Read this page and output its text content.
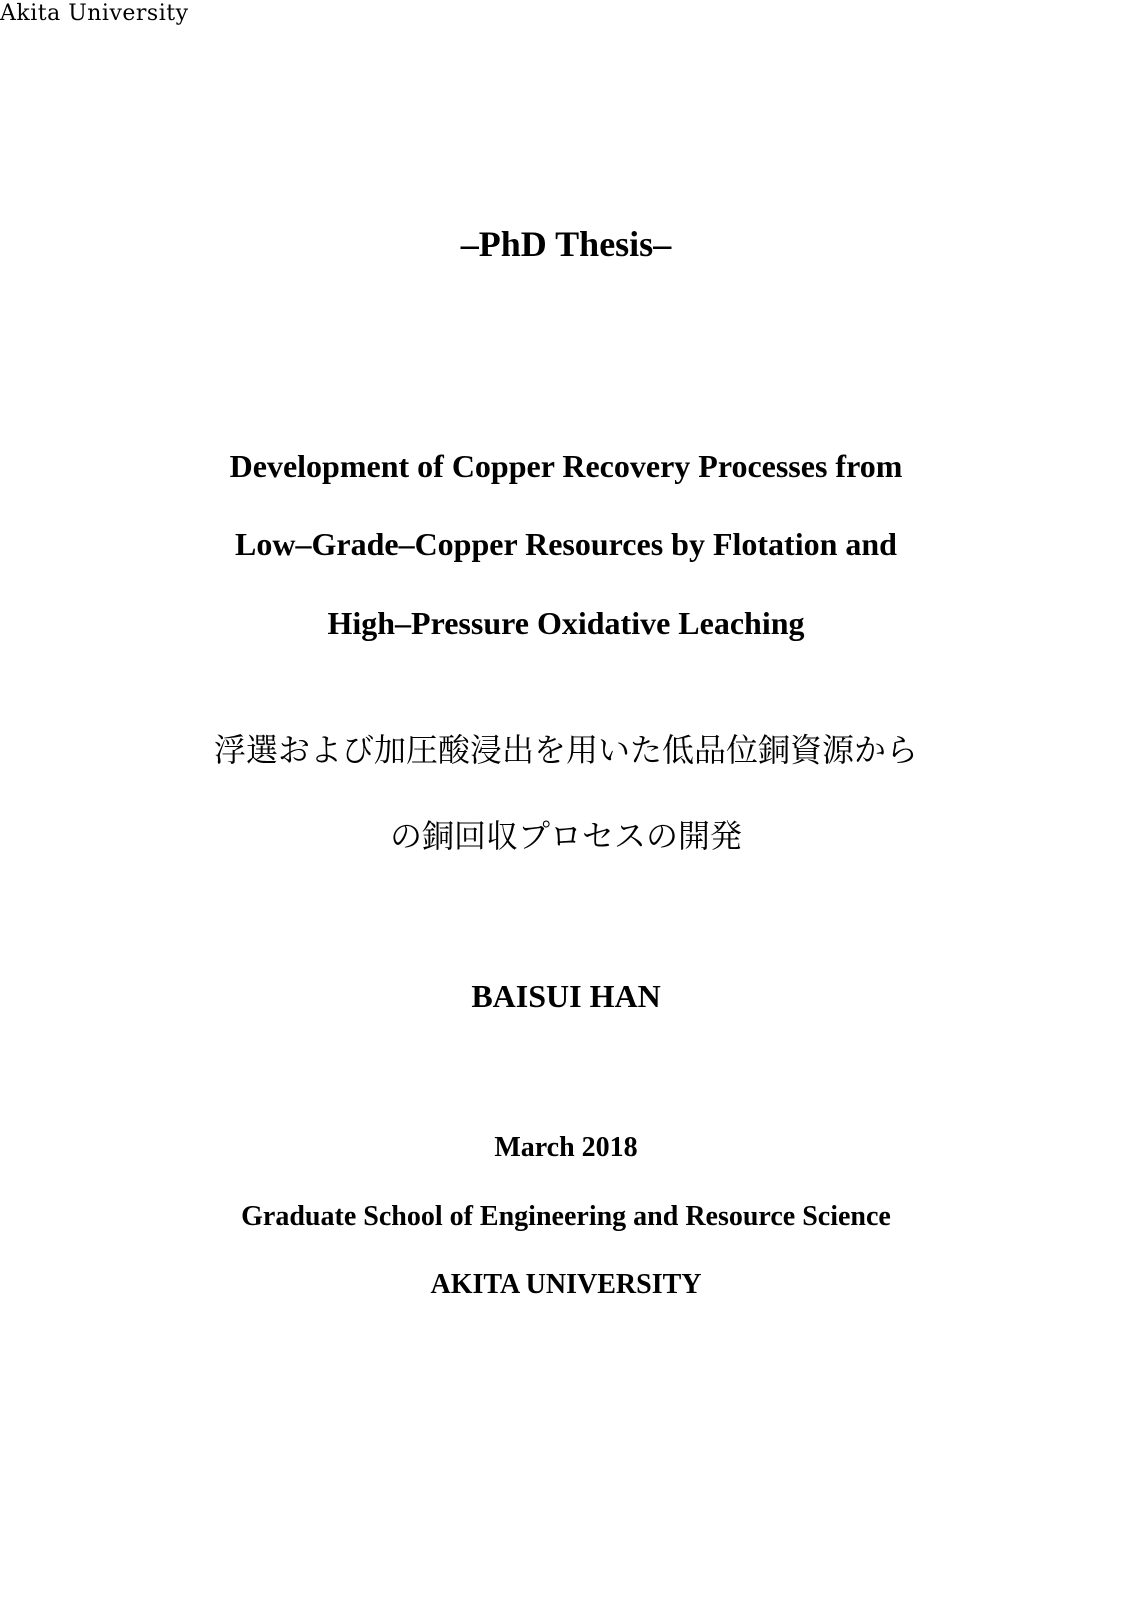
Akita University
–PhD Thesis–
Development of Copper Recovery Processes from
Low–Grade–Copper Resources by Flotation and
High–Pressure Oxidative Leaching
浮選および加圧酸浸出を用いた低品位銅資源から
の銅回収プロセスの開発
BAISUI HAN
March 2018
Graduate School of Engineering and Resource Science
AKITA UNIVERSITY
